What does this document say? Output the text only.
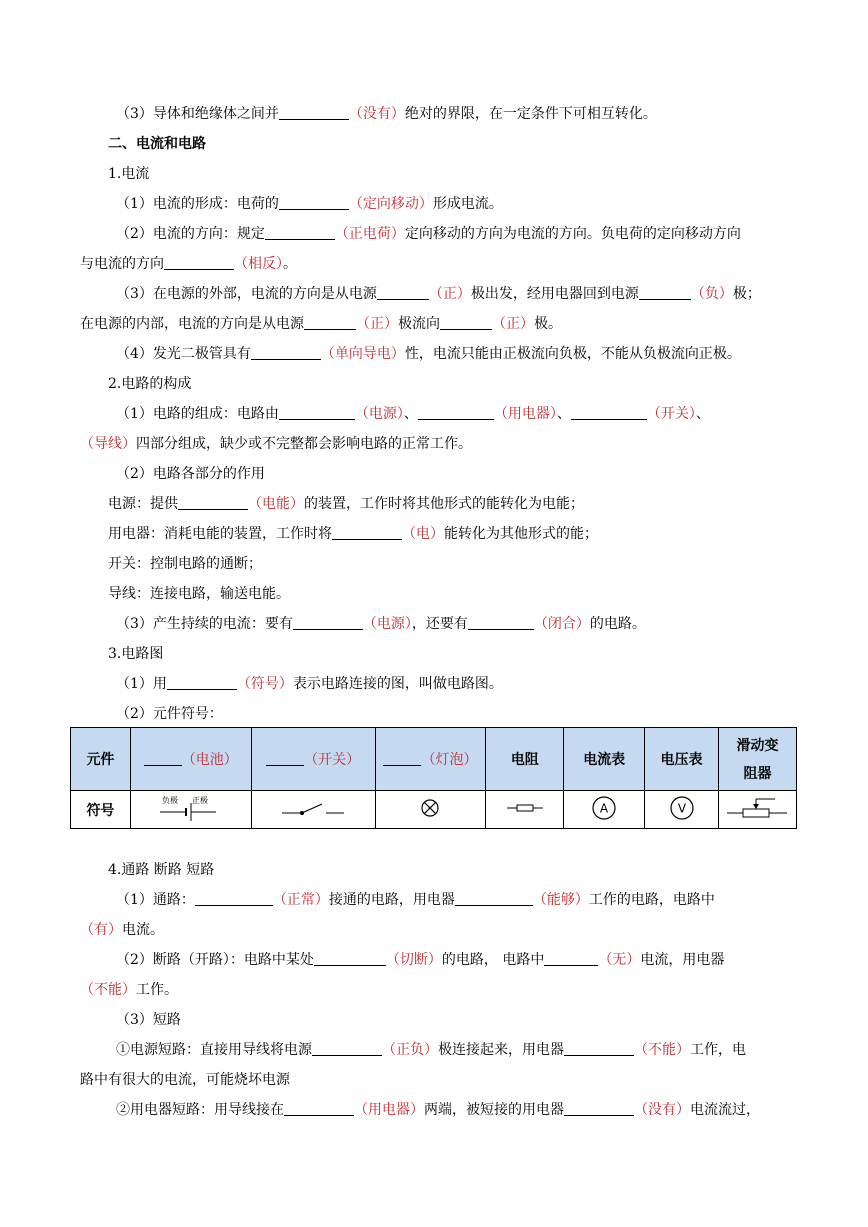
（3）导体和绝缘体之间并	（没有）绝对的界限，在一定条件下可相互转化。
二、电流和电路
1.电流
（1）电流的形成：电荷的	（定向移动）形成电流。
（2）电流的方向：规定	（正电荷）定向移动的方向为电流的方向。负电荷的定向移动方向
与电流的方向	（相反）。
（3）在电源的外部，电流的方向是从电源	（正）极出发，经用电器回到电源	（负）极；
在电源的内部，电流的方向是从电源	（正）极流向	（正）极。
（4）发光二极管具有	（单向导电）性，电流只能由正极流向负极，不能从负极流向正极。
2.电路的构成
（1）电路的组成：电路由	（电源）、	（用电器）、	（开关）、
（导线）四部分组成，缺少或不完整都会影响电路的正常工作。
（2）电路各部分的作用
电源：提供	（电能）的装置，工作时将其他形式的能转化为电能；
用电器：消耗电能的装置，工作时将	（电）能转化为其他形式的能；
开关：控制电路的通断；
导线：连接电路，输送电能。
（3）产生持续的电流：要有	（电源），还要有	（闭合）的电路。
3.电路图
（1）用	（符号）表示电路连接的图，叫做电路图。
（2）元件符号：
元件	（电池）	（开关）	（灯泡）	电阻	电流表	电压表	滑动变
阻器

符号	负极 正极				A	V

4.通路 断路 短路
（1）通路：	（正常）接通的电路，用电器	（能够）工作的电路，电路中
（有）电流。
（2）断路（开路）：电路中某处	（切断）的电路， 电路中	（无）电流，用电器
（不能）工作。
（3）短路
①电源短路：直接用导线将电源	（正负）极连接起来，用电器	（不能）工作，电
路中有很大的电流，可能烧坏电源
②用电器短路：用导线接在	（用电器）两端，被短接的用电器	（没有）电流流过，
